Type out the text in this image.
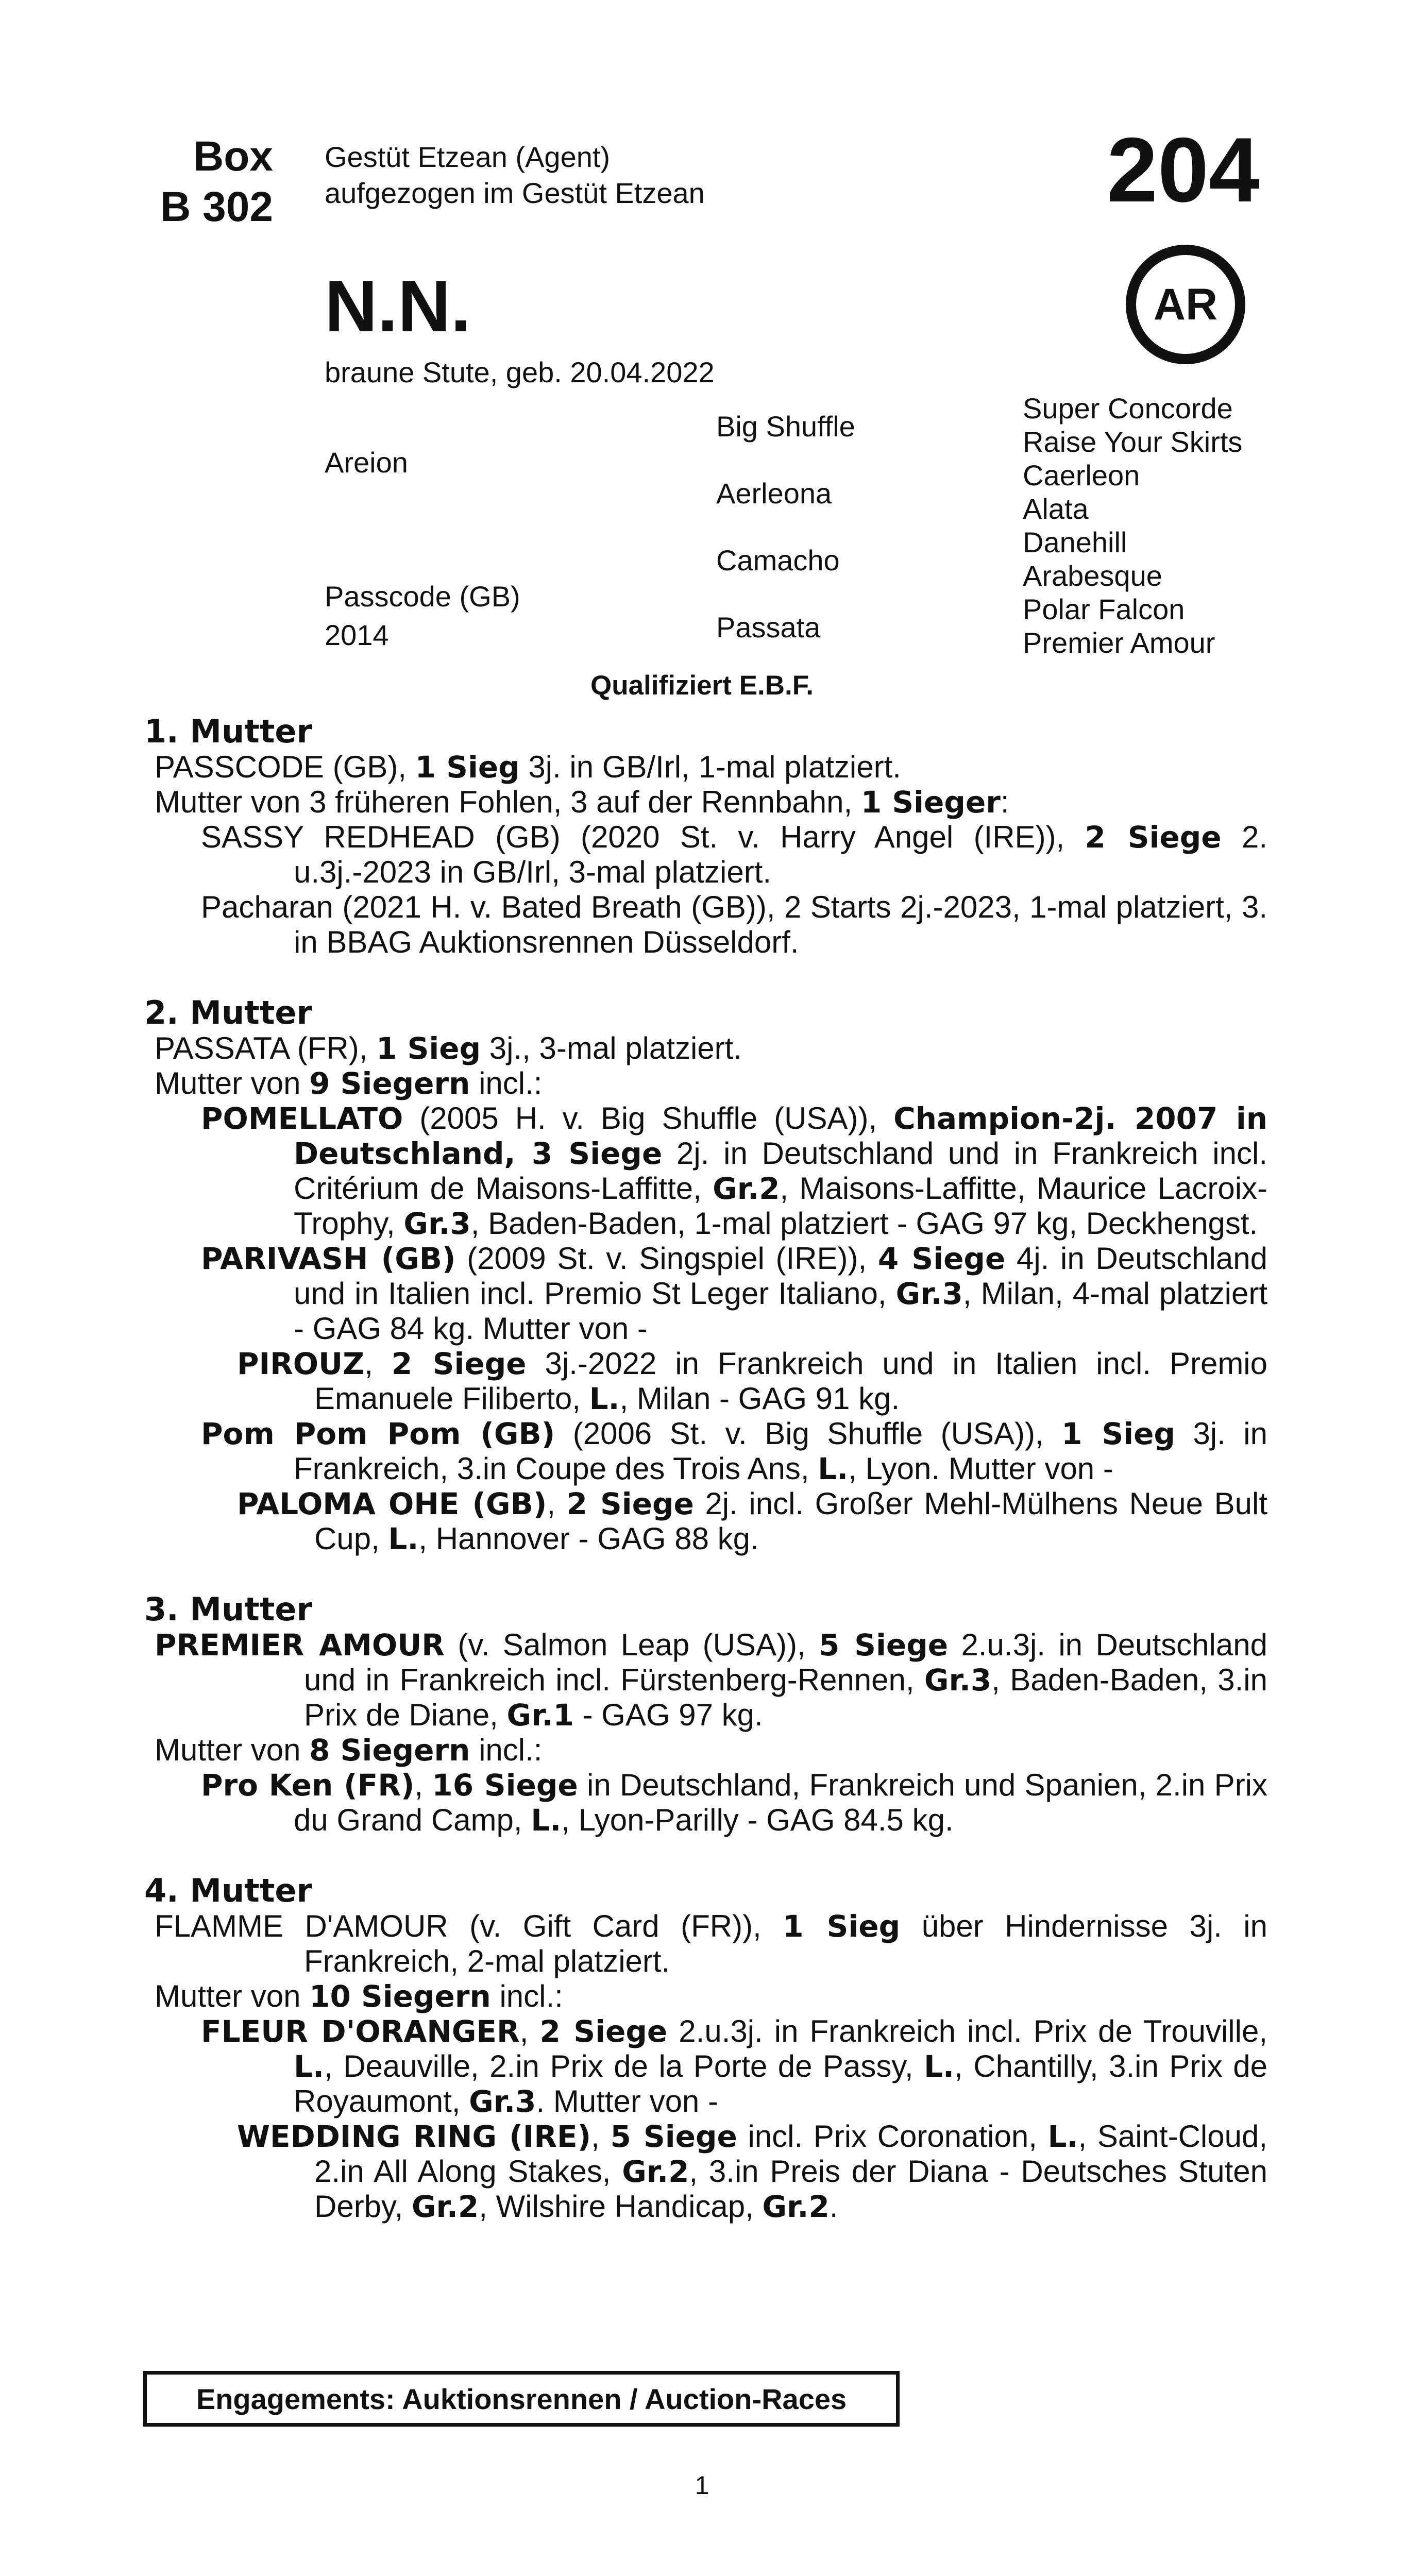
Box
B 302
Gestüt Etzean (Agent)
aufgezogen im Gestüt Etzean	204
AR
N.N.
braune Stute, geb. 20.04.2022
Areion
Passcode (GB)
2014
Big Shuffle
Aerleona
Camacho
Passata
Super Concorde
Raise Your Skirts
Caerleon
Alata
Danehill
Arabesque
Polar Falcon
Premier Amour
Qualifiziert E.B.F.
1. Mutter

PASSCODE (GB), 1 Sieg 3j. in GB/Irl, 1-mal platziert.

Mutter von 3 früheren Fohlen, 3 auf der Rennbahn, 1 Sieger:

SASSY REDHEAD (GB) (2020 St. v. Harry Angel (IRE)), 2 Siege 2. u.3j.-2023 in GB/Irl, 3-mal platziert.

Pacharan (2021 H. v. Bated Breath (GB)), 2 Starts 2j.-2023, 1-mal platziert, 3. in BBAG Auktionsrennen Düsseldorf.

2. Mutter

PASSATA (FR), 1 Sieg 3j., 3-mal platziert.

Mutter von 9 Siegern incl.:

POMELLATO (2005 H. v. Big Shuffle (USA)), Champion-2j. 2007 in Deutschland, 3 Siege 2j. in Deutschland und in Frankreich incl. Critérium de Maisons-Laffitte, Gr.2, Maisons-Laffitte, Maurice Lacroix-Trophy, Gr.3, Baden-Baden, 1-mal platziert - GAG 97 kg, Deckhengst.

PARIVASH (GB) (2009 St. v. Singspiel (IRE)), 4 Siege 4j. in Deutschland und in Italien incl. Premio St Leger Italiano, Gr.3, Milan, 4-mal platziert - GAG 84 kg. Mutter von -

PIROUZ, 2 Siege 3j.-2022 in Frankreich und in Italien incl. Premio Emanuele Filiberto, L., Milan - GAG 91 kg.

Pom Pom Pom (GB) (2006 St. v. Big Shuffle (USA)), 1 Sieg 3j. in Frankreich, 3.in Coupe des Trois Ans, L., Lyon. Mutter von -

PALOMA OHE (GB), 2 Siege 2j. incl. Großer Mehl-Mülhens Neue Bult Cup, L., Hannover - GAG 88 kg.

3. Mutter

PREMIER AMOUR (v. Salmon Leap (USA)), 5 Siege 2.u.3j. in Deutschland und in Frankreich incl. Fürstenberg-Rennen, Gr.3, Baden-Baden, 3.in Prix de Diane, Gr.1 - GAG 97 kg.

Mutter von 8 Siegern incl.:

Pro Ken (FR), 16 Siege in Deutschland, Frankreich und Spanien, 2.in Prix du Grand Camp, L., Lyon-Parilly - GAG 84.5 kg.

4. Mutter

FLAMME D'AMOUR (v. Gift Card (FR)), 1 Sieg über Hindernisse 3j. in Frankreich, 2-mal platziert.

Mutter von 10 Siegern incl.:

FLEUR D'ORANGER, 2 Siege 2.u.3j. in Frankreich incl. Prix de Trouville, L., Deauville, 2.in Prix de la Porte de Passy, L., Chantilly, 3.in Prix de Royaumont, Gr.3. Mutter von -

WEDDING RING (IRE), 5 Siege incl. Prix Coronation, L., Saint-Cloud, 2.in All Along Stakes, Gr.2, 3.in Preis der Diana - Deutsches Stuten Derby, Gr.2, Wilshire Handicap, Gr.2.

Engagements: Auktionsrennen / Auction-Races
1
